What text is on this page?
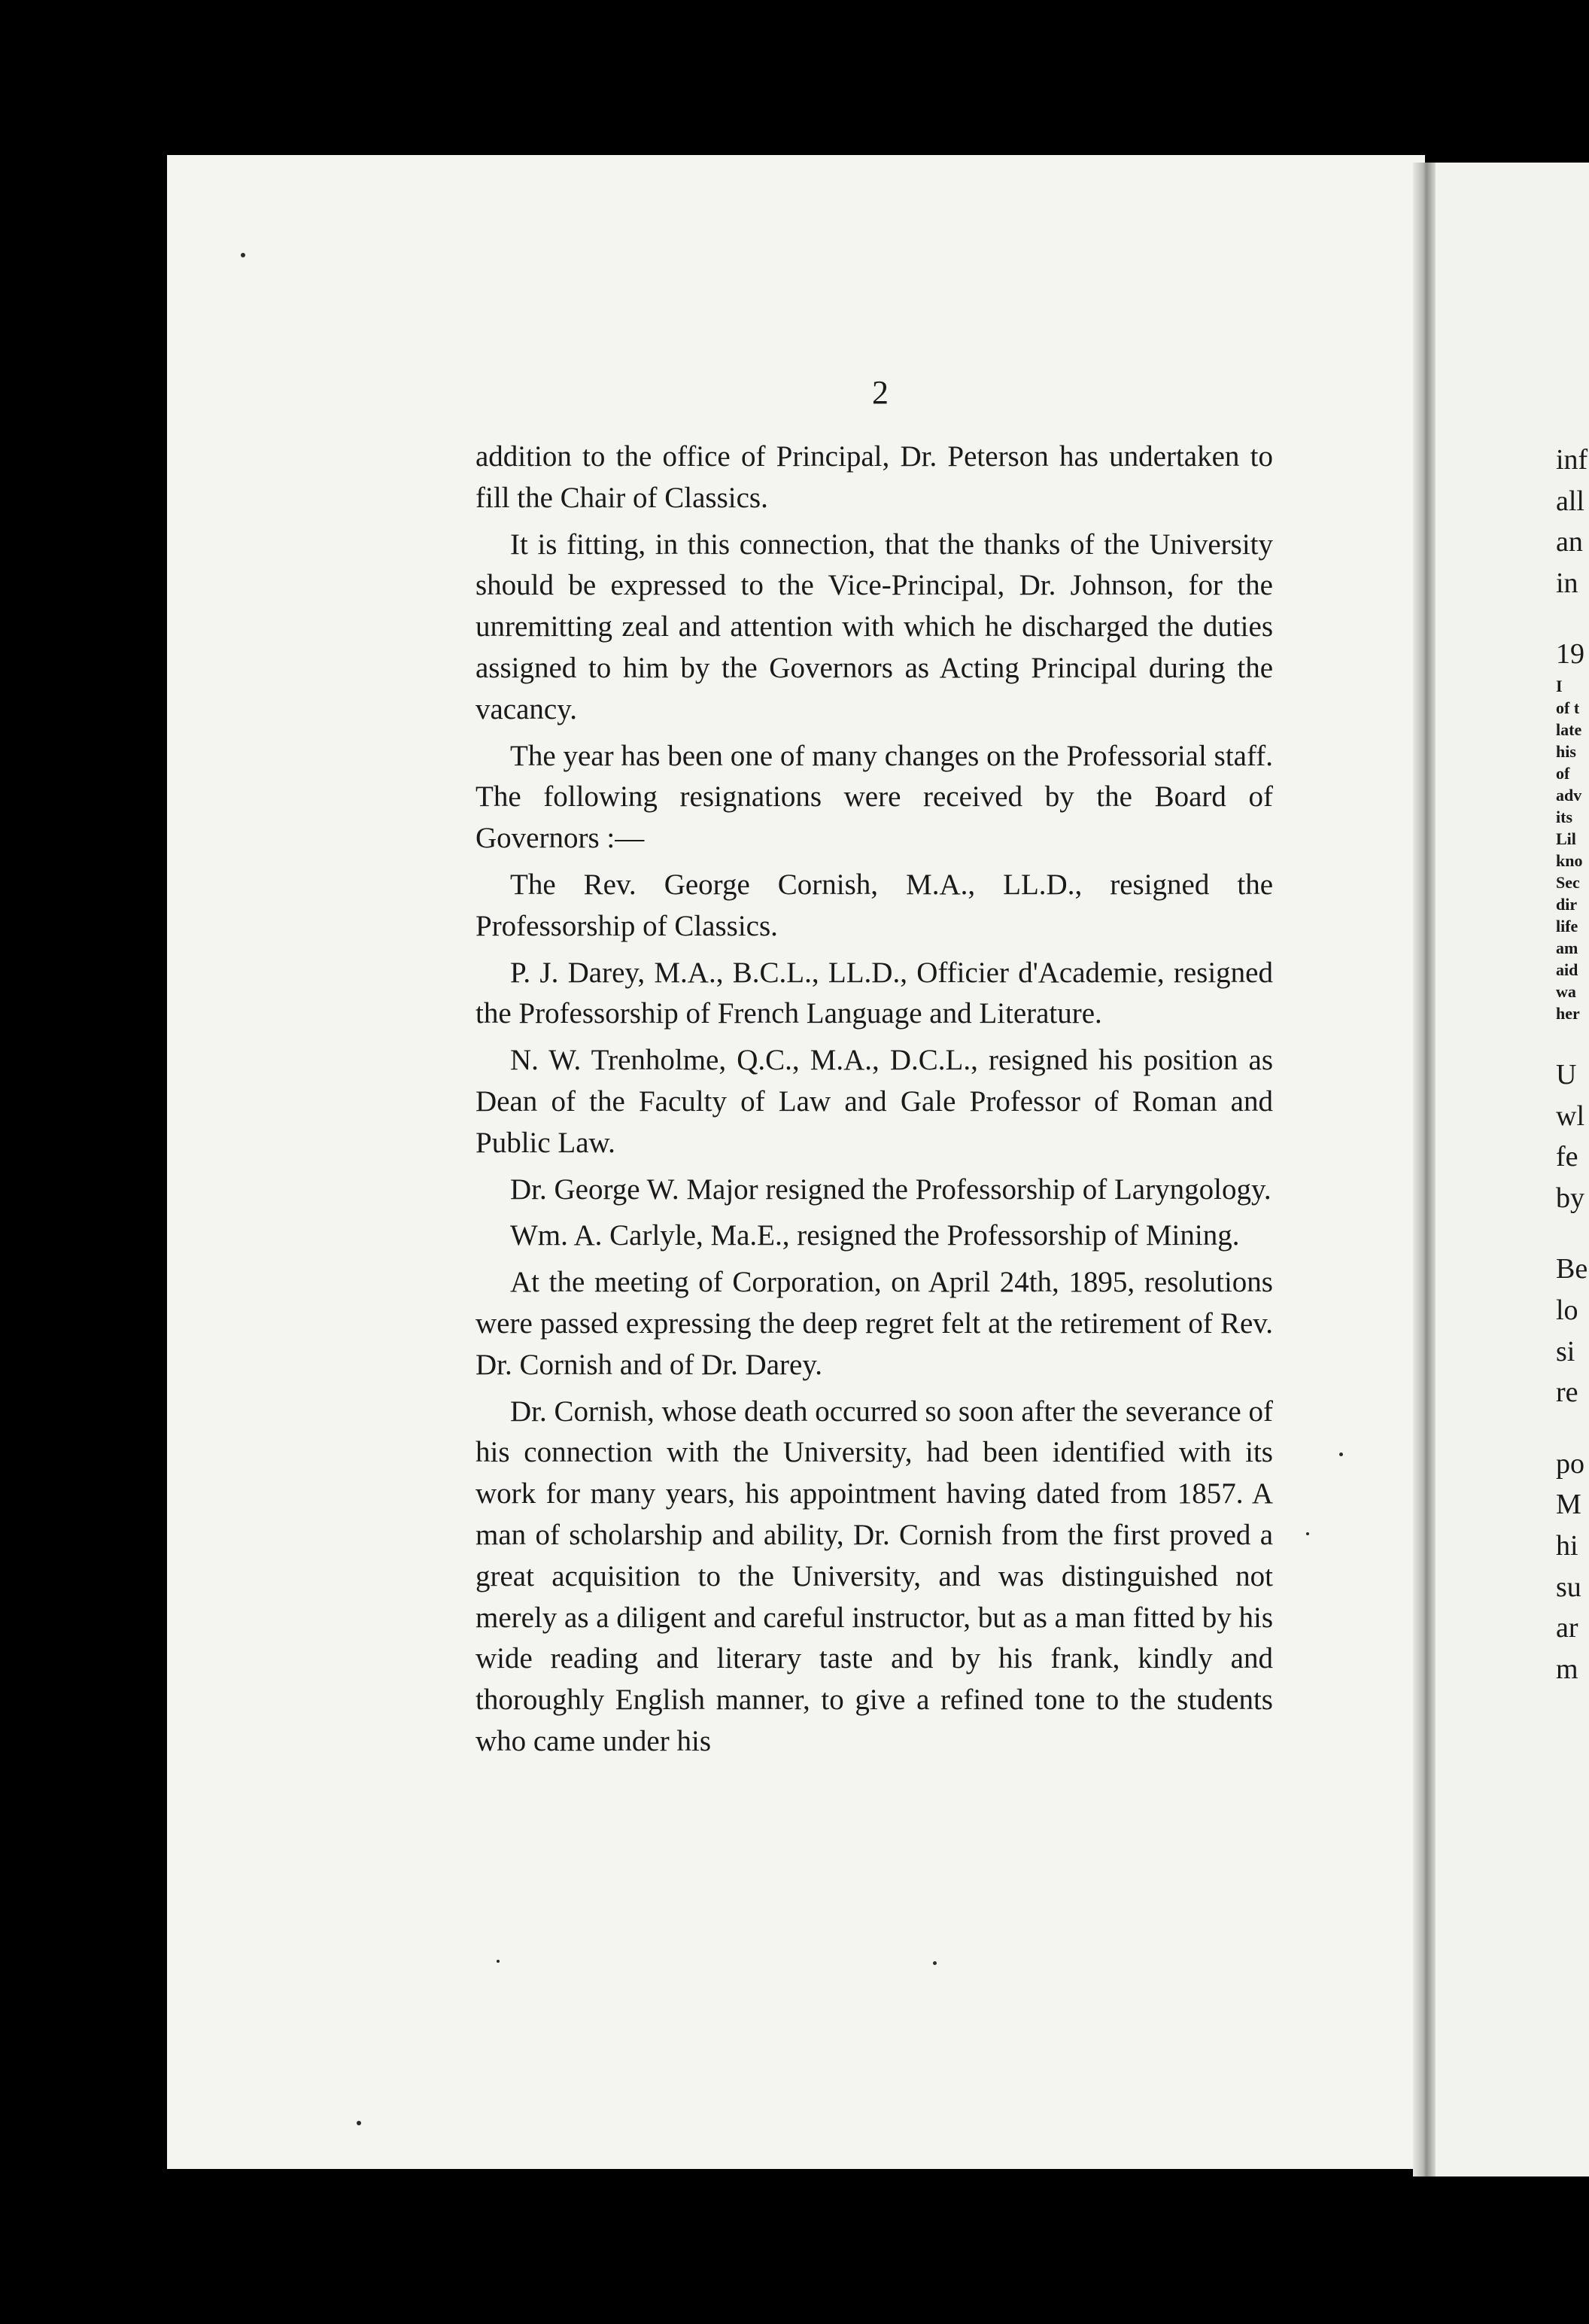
2

addition to the office of Principal, Dr. Peterson has undertaken to fill the Chair of Classics.

It is fitting, in this connection, that the thanks of the University should be expressed to the Vice-Principal, Dr. Johnson, for the unremitting zeal and attention with which he discharged the duties assigned to him by the Governors as Acting Principal during the vacancy.

The year has been one of many changes on the Professorial staff. The following resignations were received by the Board of Governors :—

The Rev. George Cornish, M.A., LL.D., resigned the Professorship of Classics.

P. J. Darey, M.A., B.C.L., LL.D., Officier d'Academie, resigned the Professorship of French Language and Literature.

N. W. Trenholme, Q.C., M.A., D.C.L., resigned his position as Dean of the Faculty of Law and Gale Professor of Roman and Public Law.

Dr. George W. Major resigned the Professorship of Laryngology.

Wm. A. Carlyle, Ma.E., resigned the Professorship of Mining.

At the meeting of Corporation, on April 24th, 1895, resolutions were passed expressing the deep regret felt at the retirement of Rev. Dr. Cornish and of Dr. Darey.

Dr. Cornish, whose death occurred so soon after the severance of his connection with the University, had been identified with its work for many years, his appointment having dated from 1857. A man of scholarship and ability, Dr. Cornish from the first proved a great acquisition to the University, and was distinguished not merely as a diligent and careful instructor, but as a man fitted by his wide reading and literary taste and by his frank, kindly and thoroughly English manner, to give a refined tone to the students who came under his

inf
all
an
in
19
I
of t
late
his
of
adv
its
Lil
kno
Sec
dir
life
am
aid
wa
her
U
wl
fe
by
Be
lo
si
re
po
M
hi
su
ar
m
